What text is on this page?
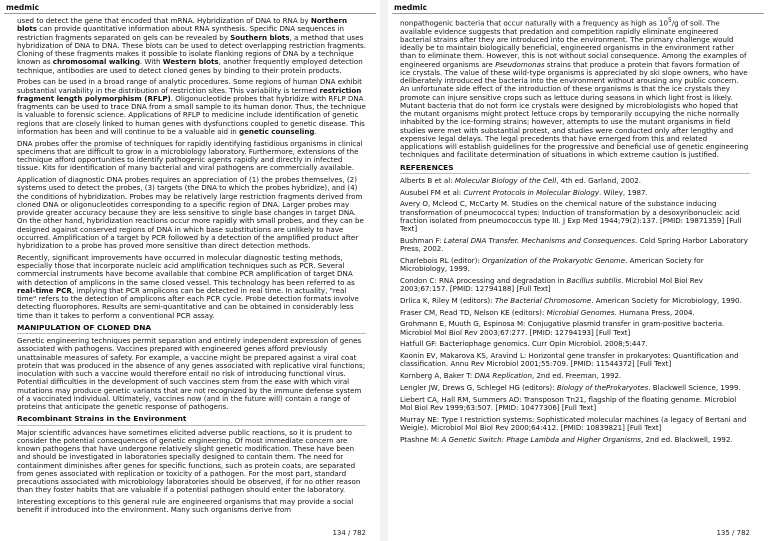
medmic

used to detect the gene that encoded that mRNA. Hybridization of DNA to RNA by Northern blots can provide quantitative information about RNA synthesis. Specific DNA sequences in restriction fragments separated on gels can be revealed by Southern blots, a method that uses hybridization of DNA to DNA. These blots can be used to detect overlapping restriction fragments. Cloning of these fragments makes it possible to isolate flanking regions of DNA by a technique known as chromosomal walking. With Western blots, another frequently employed detection technique, antibodies are used to detect cloned genes by binding to their protein products.

Probes can be used in a broad range of analytic procedures. Some regions of human DNA exhibit substantial variability in the distribution of restriction sites. This variability is termed restriction fragment length polymorphism (RFLP). Oligonucleotide probes that hybridize with RFLP DNA fragments can be used to trace DNA from a small sample to its human donor. Thus, the technique is valuable to forensic science. Applications of RFLP to medicine include identification of genetic regions that are closely linked to human genes with dysfunctions coupled to genetic disease. This information has been and will continue to be a valuable aid in genetic counseling.

DNA probes offer the promise of techniques for rapidly identifying fastidious organisms in clinical specimens that are difficult to grow in a microbiology laboratory. Furthermore, extensions of the technique afford opportunities to identify pathogenic agents rapidly and directly in infected tissue. Kits for identification of many bacterial and viral pathogens are commercially available.

Application of diagnostic DNA probes requires an appreciation of (1) the probes themselves, (2) systems used to detect the probes, (3) targets (the DNA to which the probes hybridize), and (4) the conditions of hybridization. Probes may be relatively large restriction fragments derived from cloned DNA or oligonucleotides corresponding to a specific region of DNA. Larger probes may provide greater accuracy because they are less sensitive to single base changes in target DNA. On the other hand, hybridization reactions occur more rapidly with small probes, and they can be designed against conserved regions of DNA in which base substitutions are unlikely to have occurred. Amplification of a target by PCR followed by a detection of the amplified product after hybridization to a probe has proved more sensitive than direct detection methods.

Recently, significant improvements have occurred in molecular diagnostic testing methods, especially those that incorporate nucleic acid amplification techniques such as PCR. Several commercial instruments have become available that combine PCR amplification of target DNA with detection of amplicons in the same closed vessel. This technology has been referred to as real-time PCR, implying that PCR amplicons can be detected in real time. In actuality, "real time" refers to the detection of amplicons after each PCR cycle. Probe detection formats involve detecting fluorophores. Results are semi-quantitative and can be obtained in considerably less time than it takes to perform a conventional PCR assay.

MANIPULATION OF CLONED DNA

Genetic engineering techniques permit separation and entirely independent expression of genes associated with pathogens. Vaccines prepared with engineered genes afford previously unattainable measures of safety. For example, a vaccine might be prepared against a viral coat protein that was produced in the absence of any genes associated with replicative viral functions; inoculation with such a vaccine would therefore entail no risk of introducing functional virus. Potential difficulties in the development of such vaccines stem from the ease with which viral mutations may produce genetic variants that are not recognized by the immune defense system of a vaccinated individual. Ultimately, vaccines now (and in the future will) contain a range of proteins that anticipate the genetic response of pathogens.

Recombinant Strains in the Environment

Major scientific advances have sometimes elicited adverse public reactions, so it is prudent to consider the potential consequences of genetic engineering. Of most immediate concern are known pathogens that have undergone relatively slight genetic modification. These have been and should be investigated in laboratories specially designed to contain them. The need for containment diminishes after genes for specific functions, such as protein coats, are separated from genes associated with replication or toxicity of a pathogen. For the most part, standard precautions associated with microbiology laboratories should be observed, if for no other reason than they foster habits that are valuable if a potential pathogen should enter the laboratory.

Interesting exceptions to this general rule are engineered organisms that may provide a social benefit if introduced into the environment. Many such organisms derive from

134 / 782
medmic

nonpathogenic bacteria that occur naturally with a frequency as high as $10^5/g$ of soil. The available evidence suggests that predation and competition rapidly eliminate engineered bacterial strains after they are introduced into the environment. The primary challenge would ideally be to maintain biologically beneficial, engineered organisms in the environment rather than to eliminate them. However, this is not without social consequence. Among the examples of engineered organisms are Pseudomonas strains that produce a protein that favors formation of ice crystals. The value of these wild-type organisms is appreciated by ski slope owners, who have deliberately introduced the bacteria into the environment without arousing any public concern. An unfortunate side effect of the introduction of these organisms is that the ice crystals they promote can injure sensitive crops such as lettuce during seasons in which light frost is likely. Mutant bacteria that do not form ice crystals were designed by microbiologists who hoped that the mutant organisms might protect lettuce crops by temporarily occupying the niche normally inhabited by the ice-forming strains; however, attempts to use the mutant organisms in field studies were met with substantial protest, and studies were conducted only after lengthy and expensive legal delays. The legal precedents that have emerged from this and related applications will establish guidelines for the progressive and beneficial use of genetic engineering techniques and facilitate determination of situations in which extreme caution is justified.

REFERENCES

Alberts B et al: Molecular Biology of the Cell, 4th ed. Garland, 2002.

Ausubel FM et al: Current Protocols in Molecular Biology. Wiley, 1987.

Avery O, Mcleod C, McCarty M. Studies on the chemical nature of the substance inducing transformation of pneumococcal types: Induction of transformation by a desoxyribonucleic acid fraction isolated from pneumococcus type III. J Exp Med 1944;79(2):137. [PMID: 19871359] [Full Text]

Bushman F: Lateral DNA Transfer. Mechanisms and Consequences. Cold Spring Harbor Laboratory Press, 2002.

Charlebois RL (editor): Organization of the Prokaryotic Genome. American Society for Microbiology, 1999.

Condon C: RNA processing and degradation in Bacillus subtilis. Microbiol Mol Biol Rev 2003;67:157. [PMID: 12794188] [Full Text]

Drlica K, Riley M (editors): The Bacterial Chromosome. American Society for Microbiology, 1990.

Fraser CM, Read TD, Nelson KE (editors): Microbial Genomes. Humana Press, 2004.

Grohmann E, Muuth G, Espinosa M: Conjugative plasmid transfer in gram-positive bacteria. Microbiol Mol Biol Rev 2003;67:277. [PMID: 12794193] [Full Text]

Hatfull GF: Bacteriophage genomics. Curr Opin Microbiol. 2008;5:447.

Koonin EV, Makarova KS, Aravind L: Horizontal gene transfer in prokaryotes: Quantification and classification. Annu Rev Microbiol 2001;55:709. [PMID: 11544372] [Full Text]

Kornberg A, Baker T: DNA Replication, 2nd ed. Freeman, 1992.

Lengler JW, Drews G, Schlegel HG (editors): Biology of theProkaryotes. Blackwell Science, 1999.

Liebert CA, Hall RM, Summers AO: Transposon Tn21, flagship of the floating genome. Microbiol Mol Biol Rev 1999;63:507. [PMID: 10477306] [Full Text]

Murray NE: Type I restriction systems: Sophisticated molecular machines (a legacy of Bertani and Weigle). Microbiol Mol Biol Rev 2000;64:412. [PMID: 10839821] [Full Text]

Ptashne M: A Genetic Switch: Phage Lambda and Higher Organisms, 2nd ed. Blackwell, 1992.

135 / 782
